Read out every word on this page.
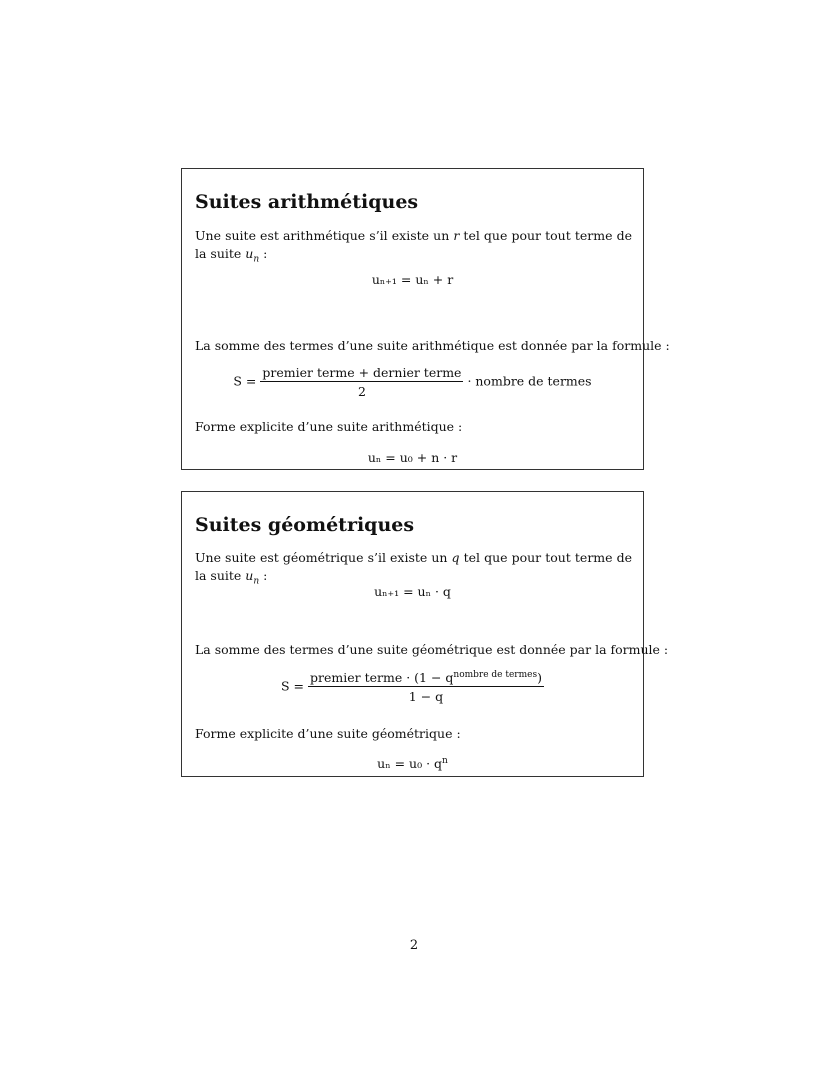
Suites arithmétiques
Une suite est arithmétique s’il existe un r tel que pour tout terme de la suite $u_n$ :
uₙ₊₁ = uₙ + r
La somme des termes d’une suite arithmétique est donnée par la formule :
$S = \frac{\text{premier terme + dernier terme}}{2}$ · nombre de termes
Forme explicite d’une suite arithmétique :
uₙ = u₀ + n · r
Suites géométriques
Une suite est géométrique s’il existe un q tel que pour tout terme de la suite $u_n$ :
uₙ₊₁ = uₙ · q
La somme des termes d’une suite géométrique est donnée par la formule :
$S = \frac{premier terme \cdot (1 - q^{nombre de termes})}{1 - q}$
Forme explicite d’une suite géométrique :
$u_n = u_0 \cdot q^n$
2
